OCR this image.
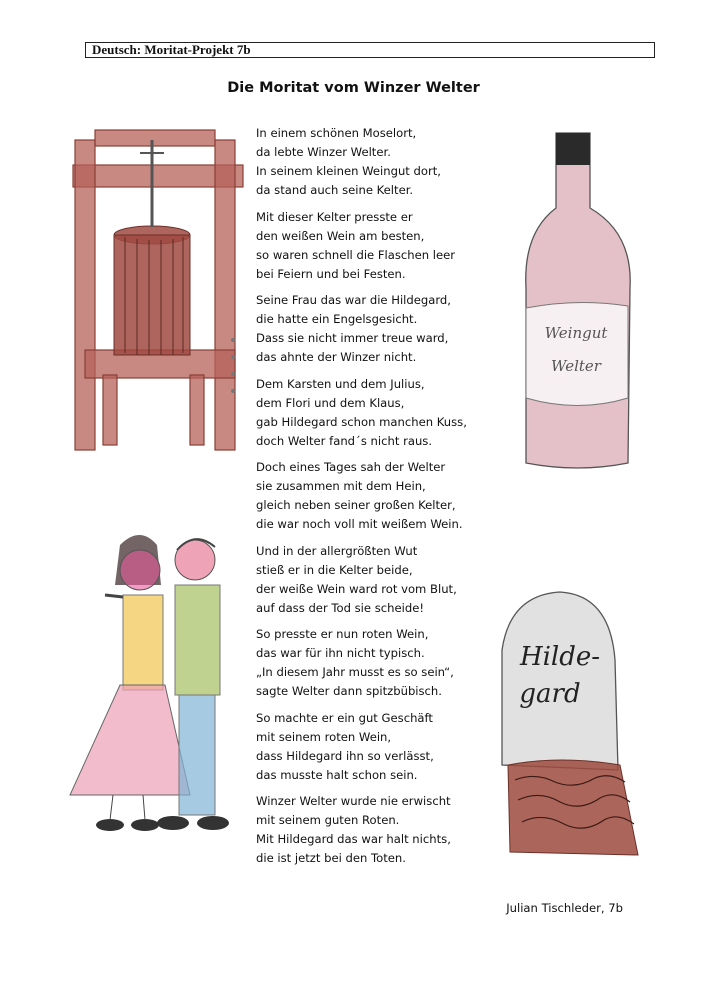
Deutsch: Moritat-Projekt 7b
Die Moritat vom Winzer Welter
In einem schönen Moselort,
da lebte Winzer Welter.
In seinem kleinen Weingut dort,
da stand auch seine Kelter.
Mit dieser Kelter presste er
den weißen Wein am besten,
so waren schnell die Flaschen leer
bei Feiern und bei Festen.
Seine Frau das war die Hildegard,
die hatte ein Engelsgesicht.
Dass sie nicht immer treue ward,
das ahnte der Winzer nicht.
Dem Karsten und dem Julius,
dem Flori und dem Klaus,
gab Hildegard schon manchen Kuss,
doch Welter fand´s nicht raus.
Doch eines Tages sah der Welter
sie zusammen mit dem Hein,
gleich neben seiner großen Kelter,
die war noch voll mit weißem Wein.
Und in der allergrößten Wut
stieß er in die Kelter beide,
der weiße Wein ward rot vom Blut,
auf dass der Tod sie scheide!
So presste er nun roten Wein,
das war für ihn nicht typisch.
„In diesem Jahr musst es so sein“,
sagte Welter dann spitzbübisch.
So machte er ein gut Geschäft
mit seinem roten Wein,
dass Hildegard ihn so verlässt,
das musste halt schon sein.
Winzer Welter wurde nie erwischt
mit seinem guten Roten.
Mit Hildegard das war halt nichts,
die ist jetzt bei den Toten.
Julian Tischleder, 7b
Weingut
Welter
Hilde-
gard
